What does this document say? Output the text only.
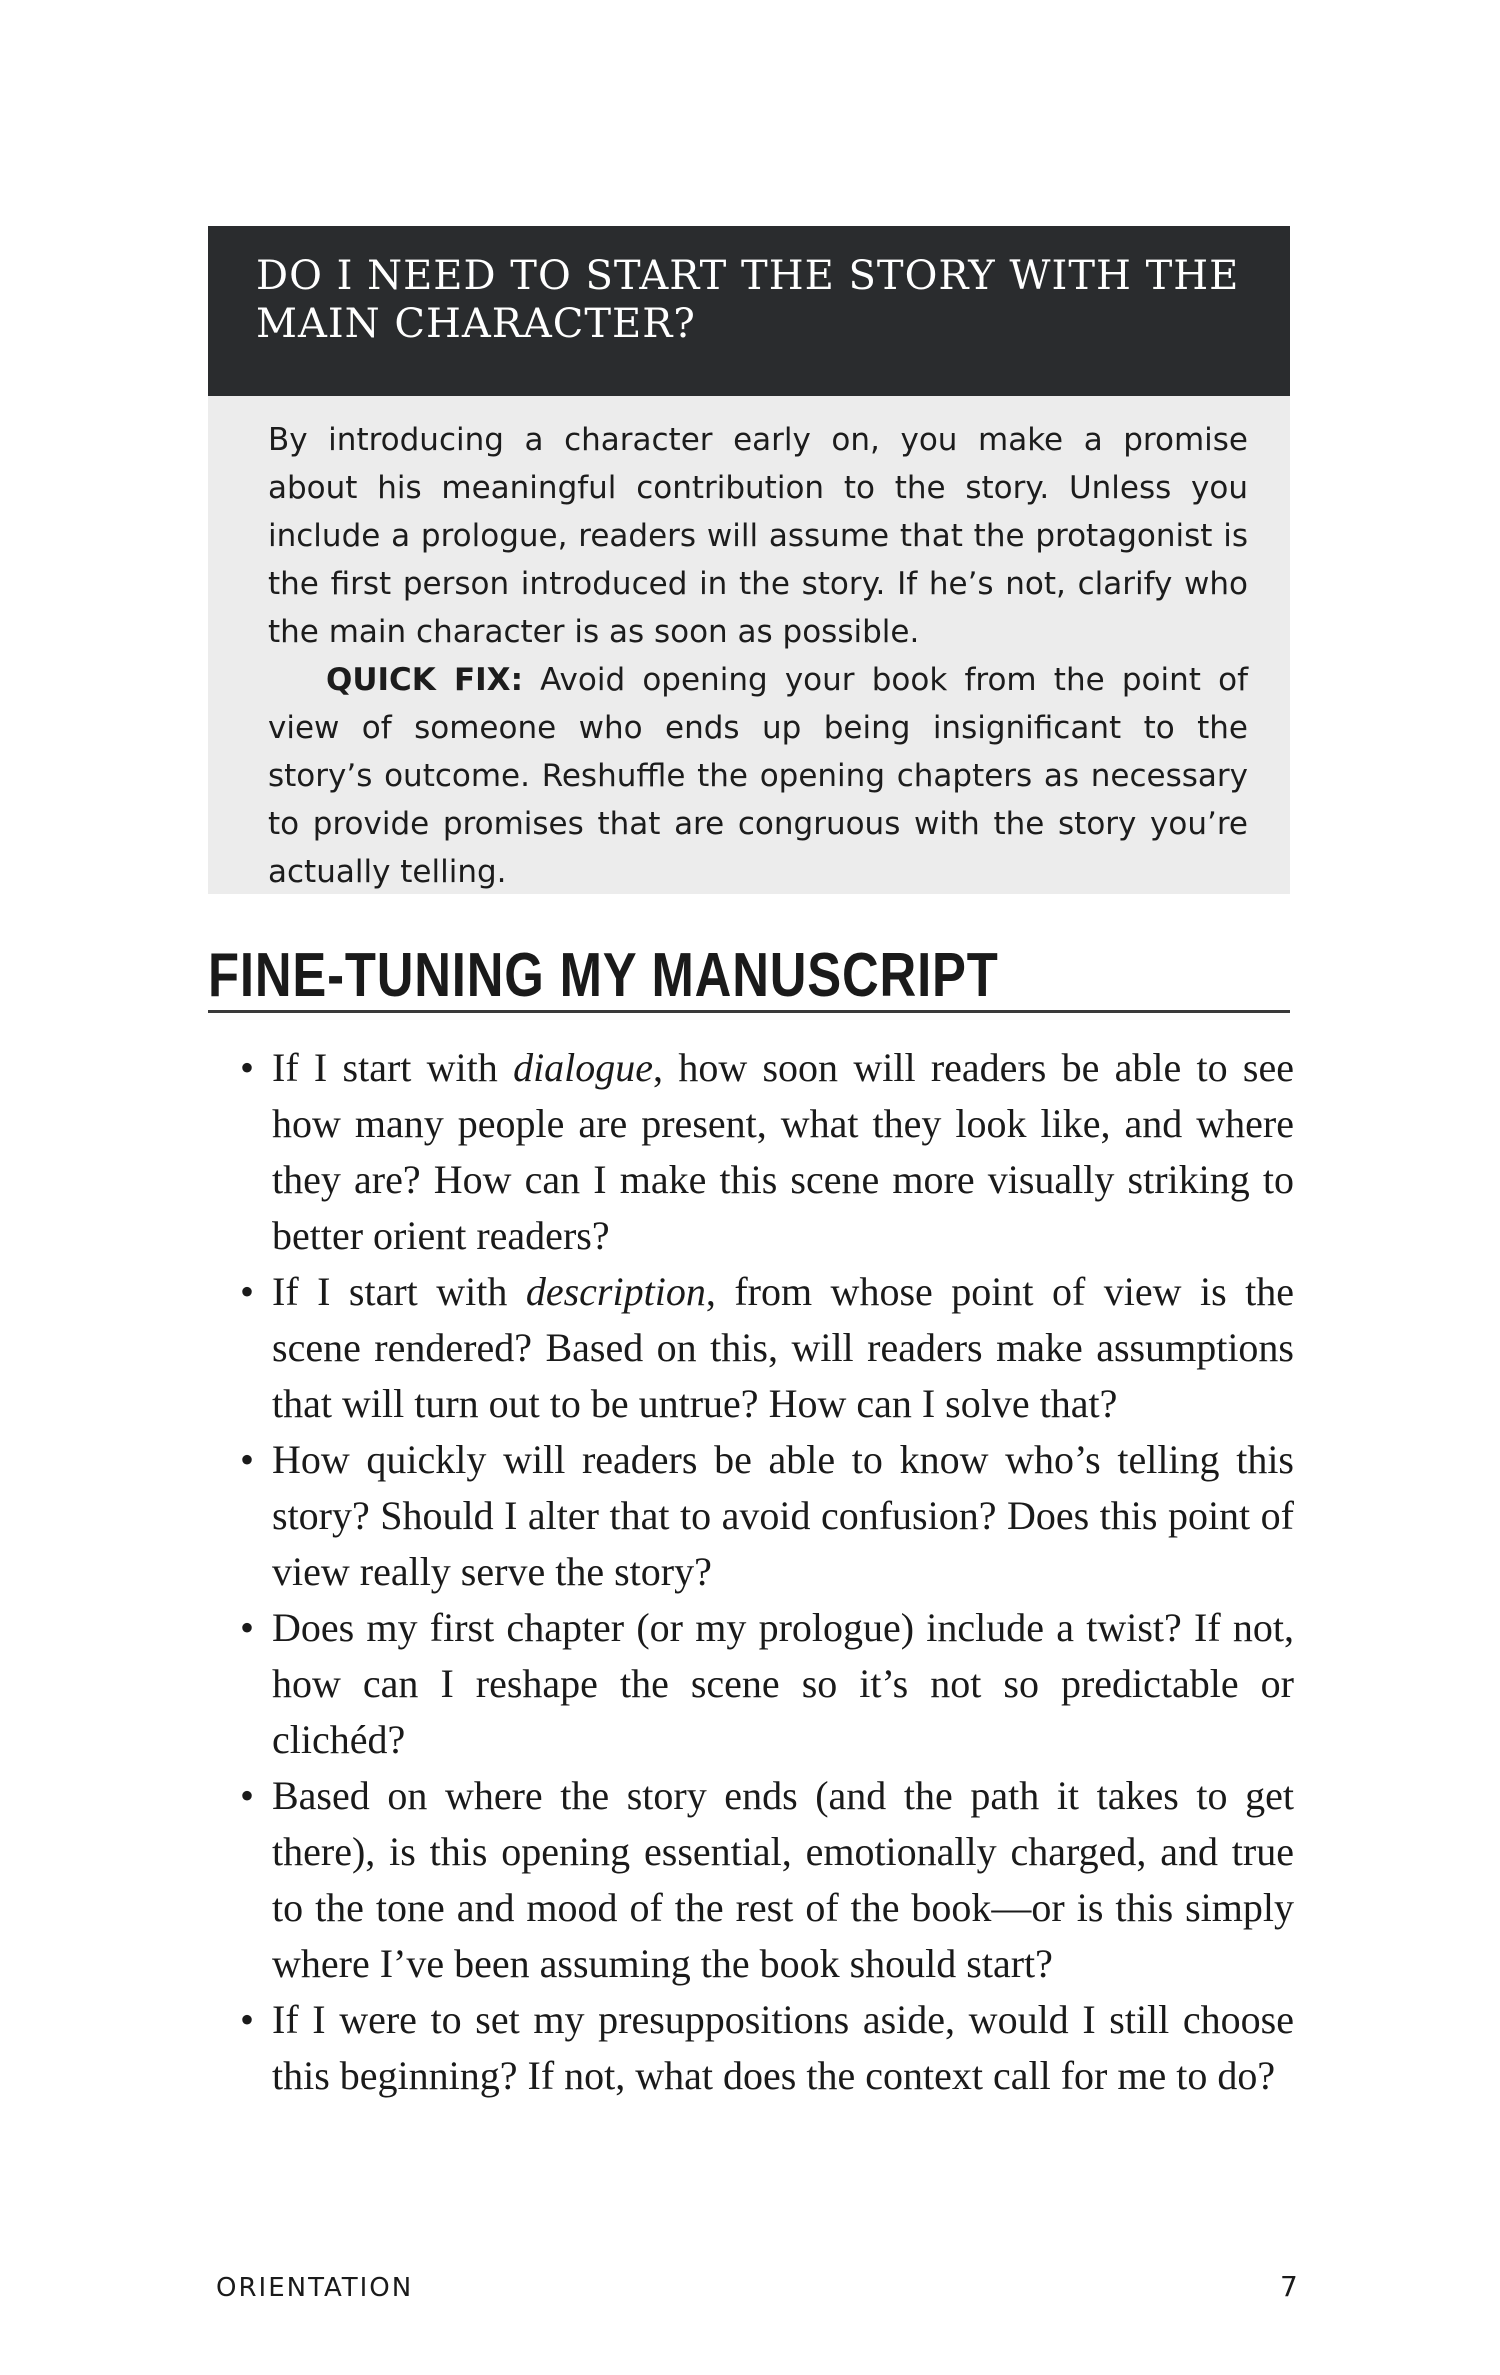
DO I NEED TO START THE STORY WITH THE MAIN CHARACTER?

By introducing a character early on, you make a promise about his meaningful contribution to the story. Unless you include a prologue, readers will assume that the protagonist is the first person introduced in the story. If he’s not, clarify who the main character is as soon as possible.

QUICK FIX: Avoid opening your book from the point of view of someone who ends up being insignificant to the story’s outcome. Reshuffle the opening chapters as necessary to provide promises that are congruous with the story you’re actually telling.

FINE-TUNING MY MANUSCRIPT
• If I start with dialogue, how soon will readers be able to see how many people are present, what they look like, and where they are? How can I make this scene more visually striking to better orient readers?
• If I start with description, from whose point of view is the scene rendered? Based on this, will readers make assumptions that will turn out to be untrue? How can I solve that?
• How quickly will readers be able to know who’s telling this story? Should I alter that to avoid confusion? Does this point of view really serve the story?
• Does my first chapter (or my prologue) include a twist? If not, how can I reshape the scene so it’s not so predictable or clichéd?
• Based on where the story ends (and the path it takes to get there), is this opening essential, emotionally charged, and true to the tone and mood of the rest of the book—or is this simply where I’ve been assuming the book should start?
• If I were to set my presuppositions aside, would I still choose this beginning? If not, what does the context call for me to do?
ORIENTATION	7
